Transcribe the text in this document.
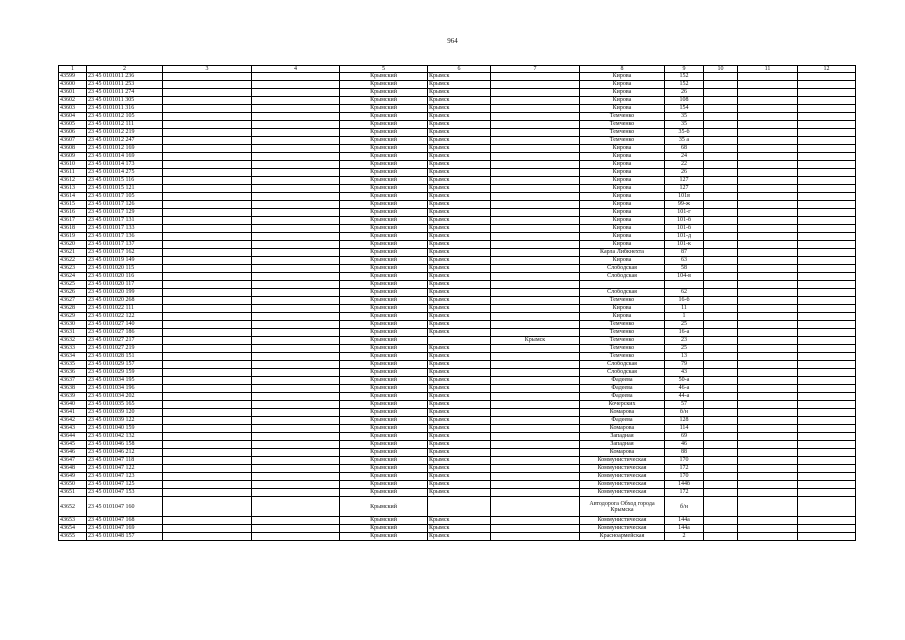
964
1	2	3	4	5	6	7	8	9	10	11	12
43599	23 45 0101011 236			Крымский	Крымск		Кирова	152			
43600	23 45 0101011 253			Крымский	Крымск		Кирова	152			
43601	23 45 0101011 274			Крымский	Крымск		Кирова	26			
43602	23 45 0101011 305			Крымский	Крымск		Кирова	108			
43603	23 45 0101011 316			Крымский	Крымск		Кирова	154			
43604	23 45 0101012 105			Крымский	Крымск		Темченко	35			
43605	23 45 0101012 111			Крымский	Крымск		Темченко	35			
43606	23 45 0101012 219			Крымский	Крымск		Темченко	35-б			
43607	23 45 0101012 247			Крымский	Крымск		Темченко	35 а			
43608	23 45 0101012 169			Крымский	Крымск		Кирова	68			
43609	23 45 0101014 169			Крымский	Крымск		Кирова	24			
43610	23 45 0101014 173			Крымский	Крымск		Кирова	22			
43611	23 45 0101014 275			Крымский	Крымск		Кирова	26			
43612	23 45 0101015 116			Крымский	Крымск		Кирова	127			
43613	23 45 0101015 121			Крымский	Крымск		Кирова	127			
43614	23 45 0101017 105			Крымский	Крымск		Кирова	101в			
43615	23 45 0101017 126			Крымский	Крымск		Кирова	99-ж			
43616	23 45 0101017 129			Крымский	Крымск		Кирова	101-г			
43617	23 45 0101017 131			Крымский	Крымск		Кирова	101-б			
43618	23 45 0101017 133			Крымский	Крымск		Кирова	101-б			
43619	23 45 0101017 136			Крымский	Крымск		Кирова	101-д			
43620	23 45 0101017 137			Крымский	Крымск		Кирова	101-к			
43621	23 45 0101017 162			Крымский	Крымск		Карла Либкнехта	87			
43622	23 45 0101019 149			Крымский	Крымск		Кирова	63			
43623	23 45 0101020 115			Крымский	Крымск		Слободская	58			
43624	23 45 0101020 116			Крымский	Крымск		Слободская	104-в			
43625	23 45 0101020 117			Крымский	Крымск						
43626	23 45 0101020 199			Крымский	Крымск		Слободская	62			
43627	23 45 0101020 268			Крымский	Крымск		Темченко	16-б			
43628	23 45 0101022 111			Крымский	Крымск		Кирова	11			
43629	23 45 0101022 122			Крымский	Крымск		Кирова	1			
43630	23 45 0101027 140			Крымский	Крымск		Темченко	25			
43631	23 45 0101027 186			Крымский	Крымск		Темченко	16-а			
43632	23 45 0101027 217			Крымский		Крымск	Темченко	23			
43633	23 45 0101027 219			Крымский	Крымск		Темченко	25			
43634	23 45 0101028 151			Крымский	Крымск		Темченко	13			
43635	23 45 0101029 157			Крымский	Крымск		Слободская	79			
43636	23 45 0101029 159			Крымский	Крымск		Слободская	43			
43637	23 45 0101034 195			Крымский	Крымск		Фадеева	50-а			
43638	23 45 0101034 196			Крымский	Крымск		Фадеева	46-а			
43639	23 45 0101034 202			Крымский	Крымск		Фадеева	44-а			
43640	23 45 0101035 165			Крымский	Крымск		Кочерских	57			
43641	23 45 0101039 120			Крымский	Крымск		Комарова	б/н			
43642	23 45 0101039 122			Крымский	Крымск		Фадеева	128			
43643	23 45 0101040 159			Крымский	Крымск		Комарова	114			
43644	23 45 0101042 132			Крымский	Крымск		Западная	69			
43645	23 45 0101046 158			Крымский	Крымск		Западная	46			
43646	23 45 0101046 212			Крымский	Крымск		Комарова	88			
43647	23 45 0101047 118			Крымский	Крымск		Коммунистическая	170			
43648	23 45 0101047 122			Крымский	Крымск		Коммунистическая	172			
43649	23 45 0101047 123			Крымский	Крымск		Коммунистическая	170			
43650	23 45 0101047 125			Крымский	Крымск		Коммунистическая	144б			
43651	23 45 0101047 153			Крымский	Крымск		Коммунистическая	172			
43652	23 45 0101047 160			Крымский			Автодорога Обход города Крымска	б/н			
43653	23 45 0101047 168			Крымский	Крымск		Коммунистическая	144а			
43654	23 45 0101047 169			Крымский	Крымск		Коммунистическая	144а			
43655	23 45 0101048 157			Крымский	Крымск		Красноармейская	2			
